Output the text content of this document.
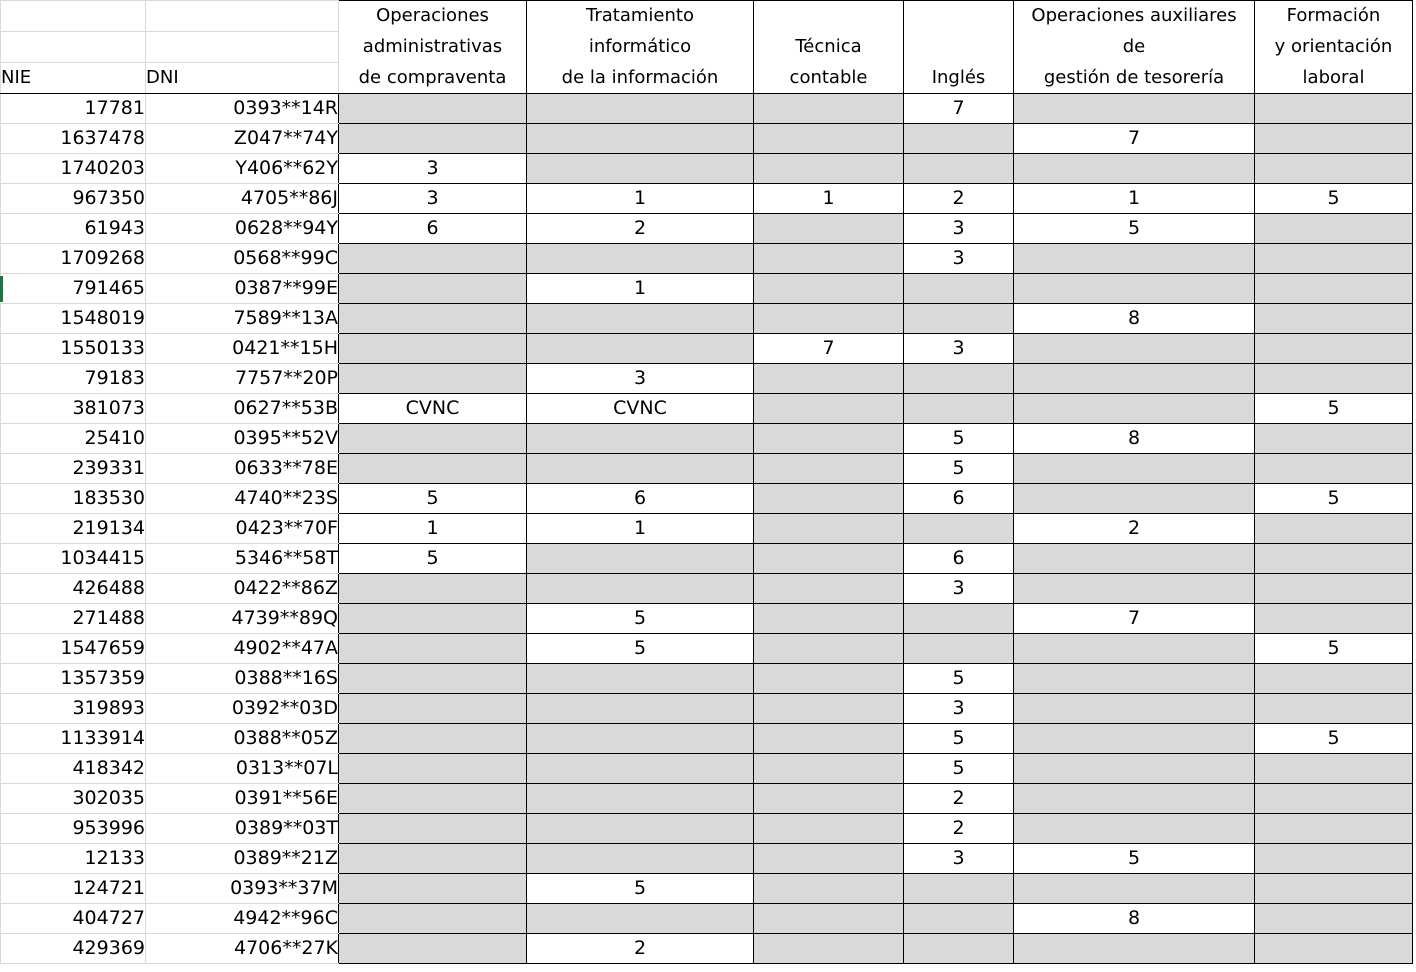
		Operaciones	Tratamiento			Operaciones auxiliares	Formación
		administrativas	informático	Técnica		de	y orientación
NIE	DNI	de compraventa	de la información	contable	Inglés	gestión de tesorería	laboral
17781	0393**14R				7		
1637478	Z047**74Y					7	
1740203	Y406**62Y	3					
967350	4705**86J	3	1	1	2	1	5
61943	0628**94Y	6	2		3	5	
1709268	0568**99C				3		
791465	0387**99E		1				
1548019	7589**13A					8	
1550133	0421**15H			7	3		
79183	7757**20P		3				
381073	0627**53B	CVNC	CVNC				5
25410	0395**52V				5	8	
239331	0633**78E				5		
183530	4740**23S	5	6		6		5
219134	0423**70F	1	1			2	
1034415	5346**58T	5			6		
426488	0422**86Z				3		
271488	4739**89Q		5			7	
1547659	4902**47A		5				5
1357359	0388**16S				5		
319893	0392**03D				3		
1133914	0388**05Z				5		5
418342	0313**07L				5		
302035	0391**56E				2		
953996	0389**03T				2		
12133	0389**21Z				3	5	
124721	0393**37M		5				
404727	4942**96C					8	
429369	4706**27K		2				
